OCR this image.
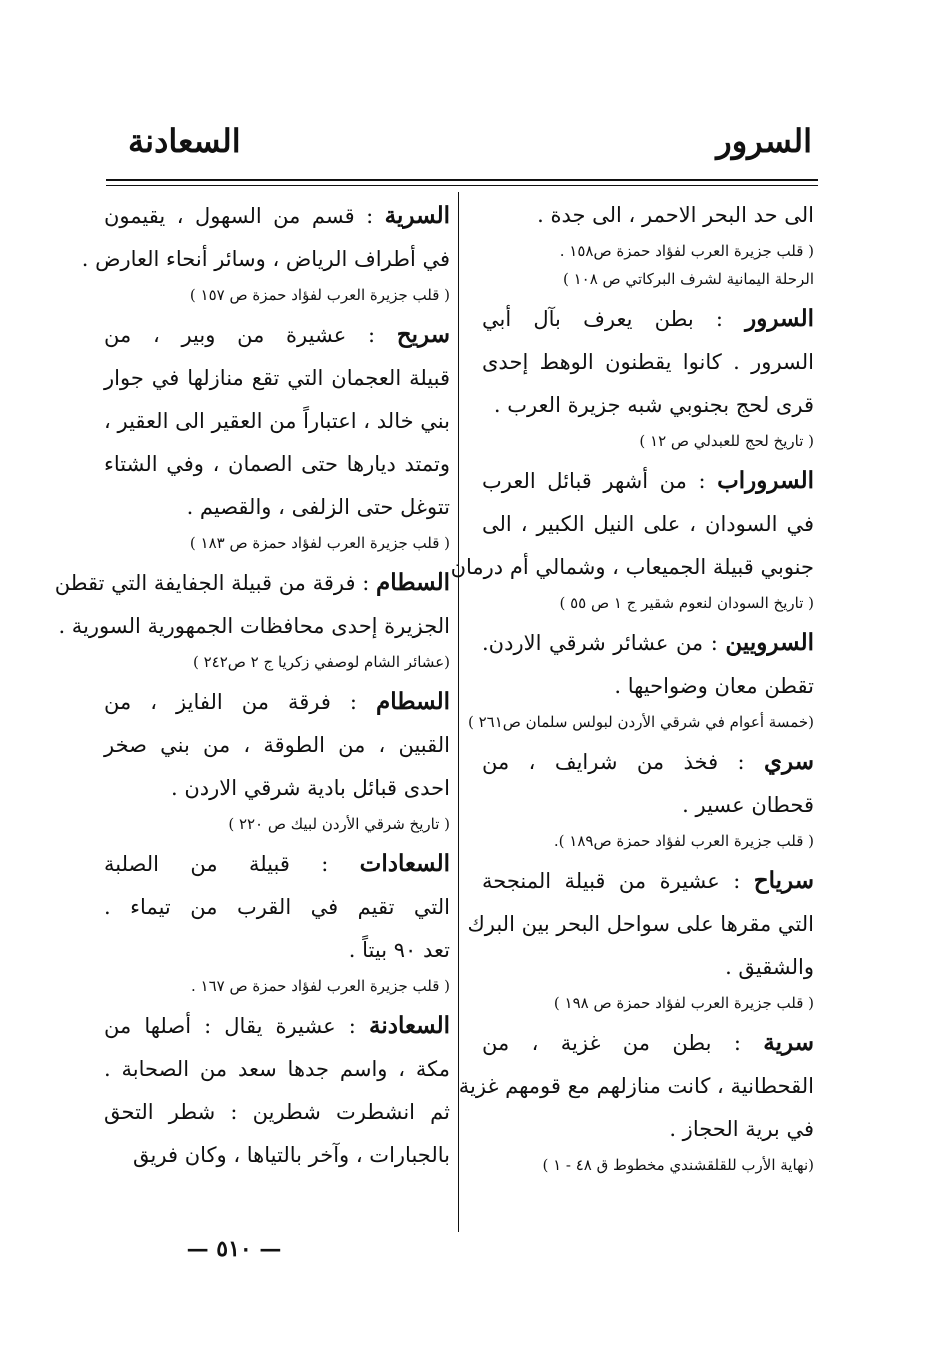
السرور
السعادنة
الى حد البحر الاحمر ، الى جدة .
( قلب جزيرة العرب لفؤاد حمزة ص١٥٨ .
الرحلة اليمانية لشرف البركاتي ص ١٠٨ )
السرور : بطن يعرف بآل أبي
السرور . كانوا يقطنون الوهط إحدى
قرى لحج بجنوبي شبه جزيرة العرب .
( تاريخ لحج للعبدلي ص ١٢ )
السروراب : من أشهر قبائل العرب
في السودان ، على النيل الكبير ، الى
جنوبي قبيلة الجميعاب ، وشمالي أم درمان .
( تاريخ السودان لنعوم شقير ج ١ ص ٥٥ )
السرويين : من عشائر شرقي الاردن.
تقطن معان وضواحيها .
(خمسة أعوام في شرقي الأردن لبولس سلمان ص٢٦١ )
سري : فخذ من شرايف ، من
قحطان عسير .
( قلب جزيرة العرب لفؤاد حمزة ص١٨٩ ).
سرياح : عشيرة من قبيلة المنجحة
التي مقرها على سواحل البحر بين البرك
والشقيق .
( قلب جزيرة العرب لفؤاد حمزة ص ١٩٨ )
سرية : بطن من غزية ، من
القحطانية ، كانت منازلهم مع قومهم غزية
في برية الحجاز .
(نهاية الأرب للقلقشندي مخطوط ق ٤٨ - ١ )
السرية : قسم من السهول ، يقيمون
في أطراف الرياض ، وسائر أنحاء العارض .
( قلب جزيرة العرب لفؤاد حمزة ص ١٥٧ )
سريح : عشيرة من وبير ، من
قبيلة العجمان التي تقع منازلها في جوار
بني خالد ، اعتباراً من العقير الى العقير ،
وتمتد ديارها حتى الصمان ، وفي الشتاء
تتوغل حتى الزلفى ، والقصيم .
( قلب جزيرة العرب لفؤاد حمزة ص ١٨٣ )
السطام : فرقة من قبيلة الجفايفة التي تقطن
الجزيرة إحدى محافظات الجمهورية السورية .
(عشائر الشام لوصفي زكريا ج ٢ ص٢٤٢ )
السطام : فرقة من الفايز ، من
القبين ، من الطوقة ، من بني صخر
احدى قبائل بادية شرقي الاردن .
( تاريخ شرقي الأردن لبيك ص ٢٢٠ )
السعادات : قبيلة من الصلبة
التي تقيم في القرب من تيماء .
تعد ٩٠ بيتاً .
( قلب جزيرة العرب لفؤاد حمزة ص ١٦٧ .
السعادنة : عشيرة يقال : أصلها من
مكة ، واسم جدها سعد من الصحابة .
ثم انشطرت شطرين : شطر التحق
بالجبارات ، وآخر بالتياها ، وكان فريق
— ٥١٠ —
